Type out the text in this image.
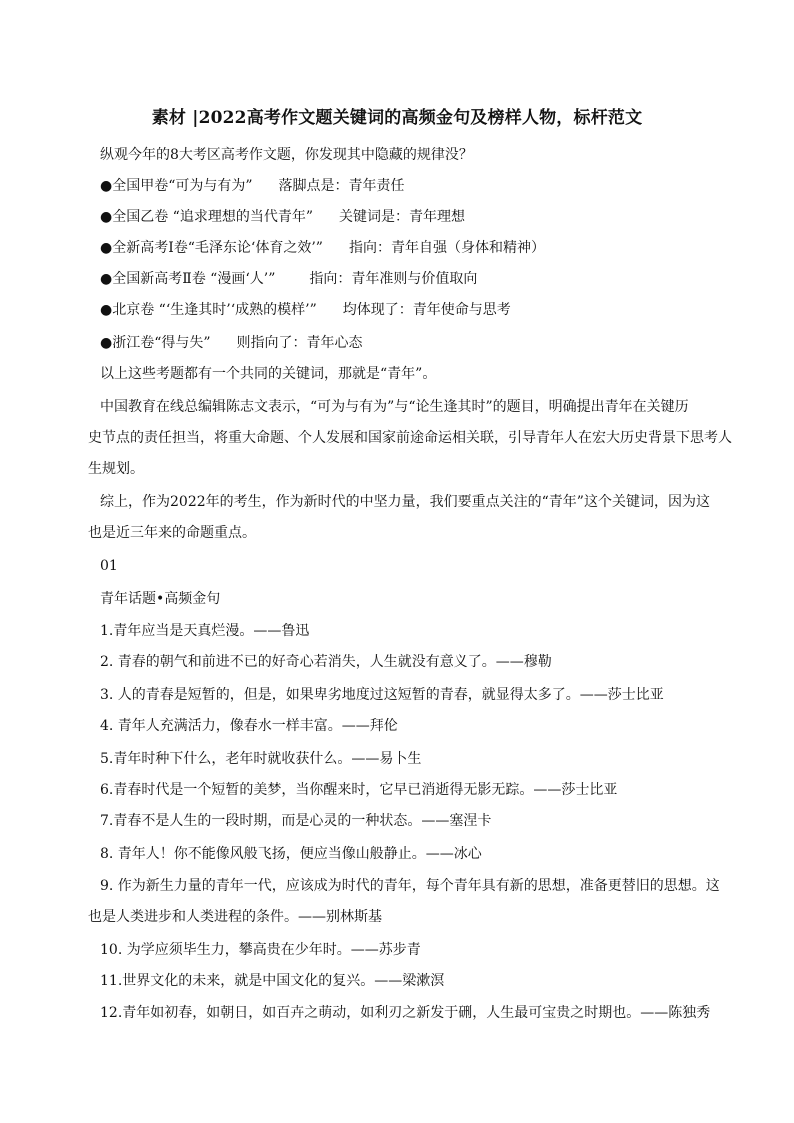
素材 |2022高考作文题关键词的高频金句及榜样人物，标杆范文
纵观今年的8大考区高考作文题，你发现其中隐藏的规律没？
●全国甲卷“可为与有为” 落脚点是：青年责任
●全国乙卷 “追求理想的当代青年” 关键词是：青年理想
●全新高考Ⅰ卷“毛泽东论‘体育之效’” 指向：青年自强（身体和精神）
●全国新高考Ⅱ卷 “漫画‘人’” 指向：青年准则与价值取向
●北京卷 “‘生逢其时’‘成熟的模样’” 均体现了：青年使命与思考
●浙江卷“得与失” 则指向了：青年心态
以上这些考题都有一个共同的关键词，那就是“青年”。
中国教育在线总编辑陈志文表示，“可为与有为”与“论生逢其时”的题目，明确提出青年在关键历
史节点的责任担当，将重大命题、个人发展和国家前途命运相关联，引导青年人在宏大历史背景下思考人
生规划。
综上，作为2022年的考生，作为新时代的中坚力量，我们要重点关注的“青年”这个关键词，因为这
也是近三年来的命题重点。
01
青年话题•高频金句
1.青年应当是天真烂漫。——鲁迅
2. 青春的朝气和前进不已的好奇心若消失，人生就没有意义了。——穆勒
3. 人的青春是短暂的，但是，如果卑劣地度过这短暂的青春，就显得太多了。——莎士比亚
4. 青年人充满活力，像春水一样丰富。——拜伦
5.青年时种下什么，老年时就收获什么。——易卜生
6.青春时代是一个短暂的美梦，当你醒来时，它早已消逝得无影无踪。——莎士比亚
7.青春不是人生的一段时期，而是心灵的一种状态。——塞涅卡
8. 青年人！你不能像风般飞扬，便应当像山般静止。——冰心
9. 作为新生力量的青年一代，应该成为时代的青年，每个青年具有新的思想，准备更替旧的思想。这
也是人类进步和人类进程的条件。——别林斯基
10. 为学应须毕生力，攀高贵在少年时。——苏步青
11.世界文化的未来，就是中国文化的复兴。——梁漱溟
12.青年如初春，如朝日，如百卉之萌动，如利刃之新发于硎，人生最可宝贵之时期也。——陈独秀
